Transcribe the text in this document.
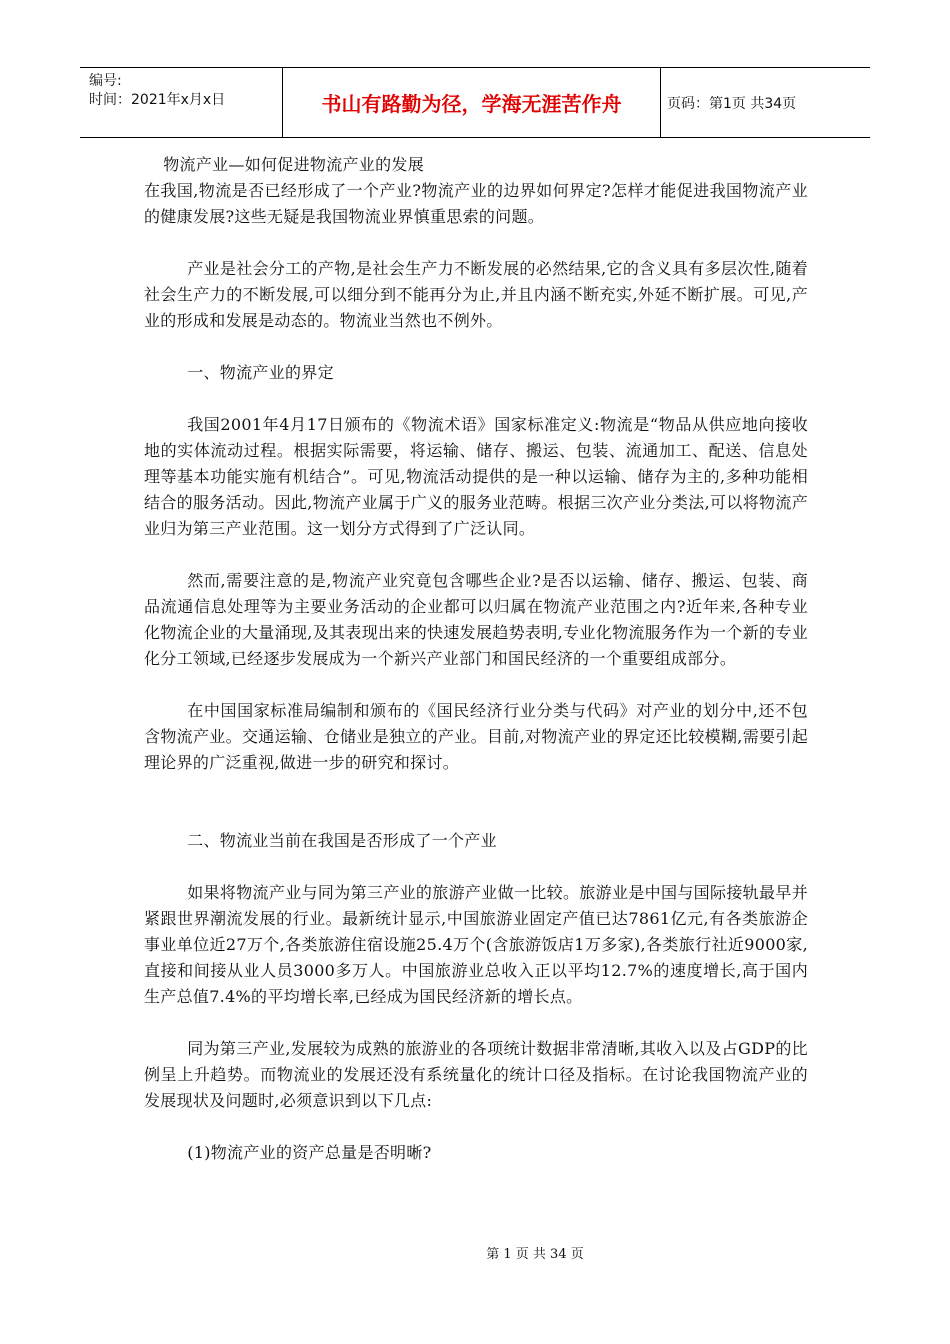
编号:
时间：2021年x月x日	书山有路勤为径，学海无涯苦作舟	页码：第1页 共34页

物流产业—如何促进物流产业的发展

在我国,物流是否已经形成了一个产业?物流产业的边界如何界定?怎样才能促进我国物流产业的健康发展?这些无疑是我国物流业界慎重思索的问题。

产业是社会分工的产物,是社会生产力不断发展的必然结果,它的含义具有多层次性,随着社会生产力的不断发展,可以细分到不能再分为止,并且内涵不断充实,外延不断扩展。可见,产业的形成和发展是动态的。物流业当然也不例外。

一、物流产业的界定

我国2001年4月17日颁布的《物流术语》国家标准定义:物流是“物品从供应地向接收地的实体流动过程。根据实际需要，将运输、储存、搬运、包装、流通加工、配送、信息处理等基本功能实施有机结合”。可见,物流活动提供的是一种以运输、储存为主的,多种功能相结合的服务活动。因此,物流产业属于广义的服务业范畴。根据三次产业分类法,可以将物流产业归为第三产业范围。这一划分方式得到了广泛认同。

然而,需要注意的是,物流产业究竟包含哪些企业?是否以运输、储存、搬运、包装、商品流通信息处理等为主要业务活动的企业都可以归属在物流产业范围之内?近年来,各种专业化物流企业的大量涌现,及其表现出来的快速发展趋势表明,专业化物流服务作为一个新的专业化分工领域,已经逐步发展成为一个新兴产业部门和国民经济的一个重要组成部分。

在中国国家标准局编制和颁布的《国民经济行业分类与代码》对产业的划分中,还不包含物流产业。交通运输、仓储业是独立的产业。目前,对物流产业的界定还比较模糊,需要引起理论界的广泛重视,做进一步的研究和探讨。

二、物流业当前在我国是否形成了一个产业

如果将物流产业与同为第三产业的旅游产业做一比较。旅游业是中国与国际接轨最早并紧跟世界潮流发展的行业。最新统计显示,中国旅游业固定产值已达7861亿元,有各类旅游企事业单位近27万个,各类旅游住宿设施25.4万个(含旅游饭店1万多家),各类旅行社近9000家,直接和间接从业人员3000多万人。中国旅游业总收入正以平均12.7%的速度增长,高于国内生产总值7.4%的平均增长率,已经成为国民经济新的增长点。

同为第三产业,发展较为成熟的旅游业的各项统计数据非常清晰,其收入以及占GDP的比例呈上升趋势。而物流业的发展还没有系统量化的统计口径及指标。在讨论我国物流产业的发展现状及问题时,必须意识到以下几点:

(1)物流产业的资产总量是否明晰?

第 1 页 共 34 页
